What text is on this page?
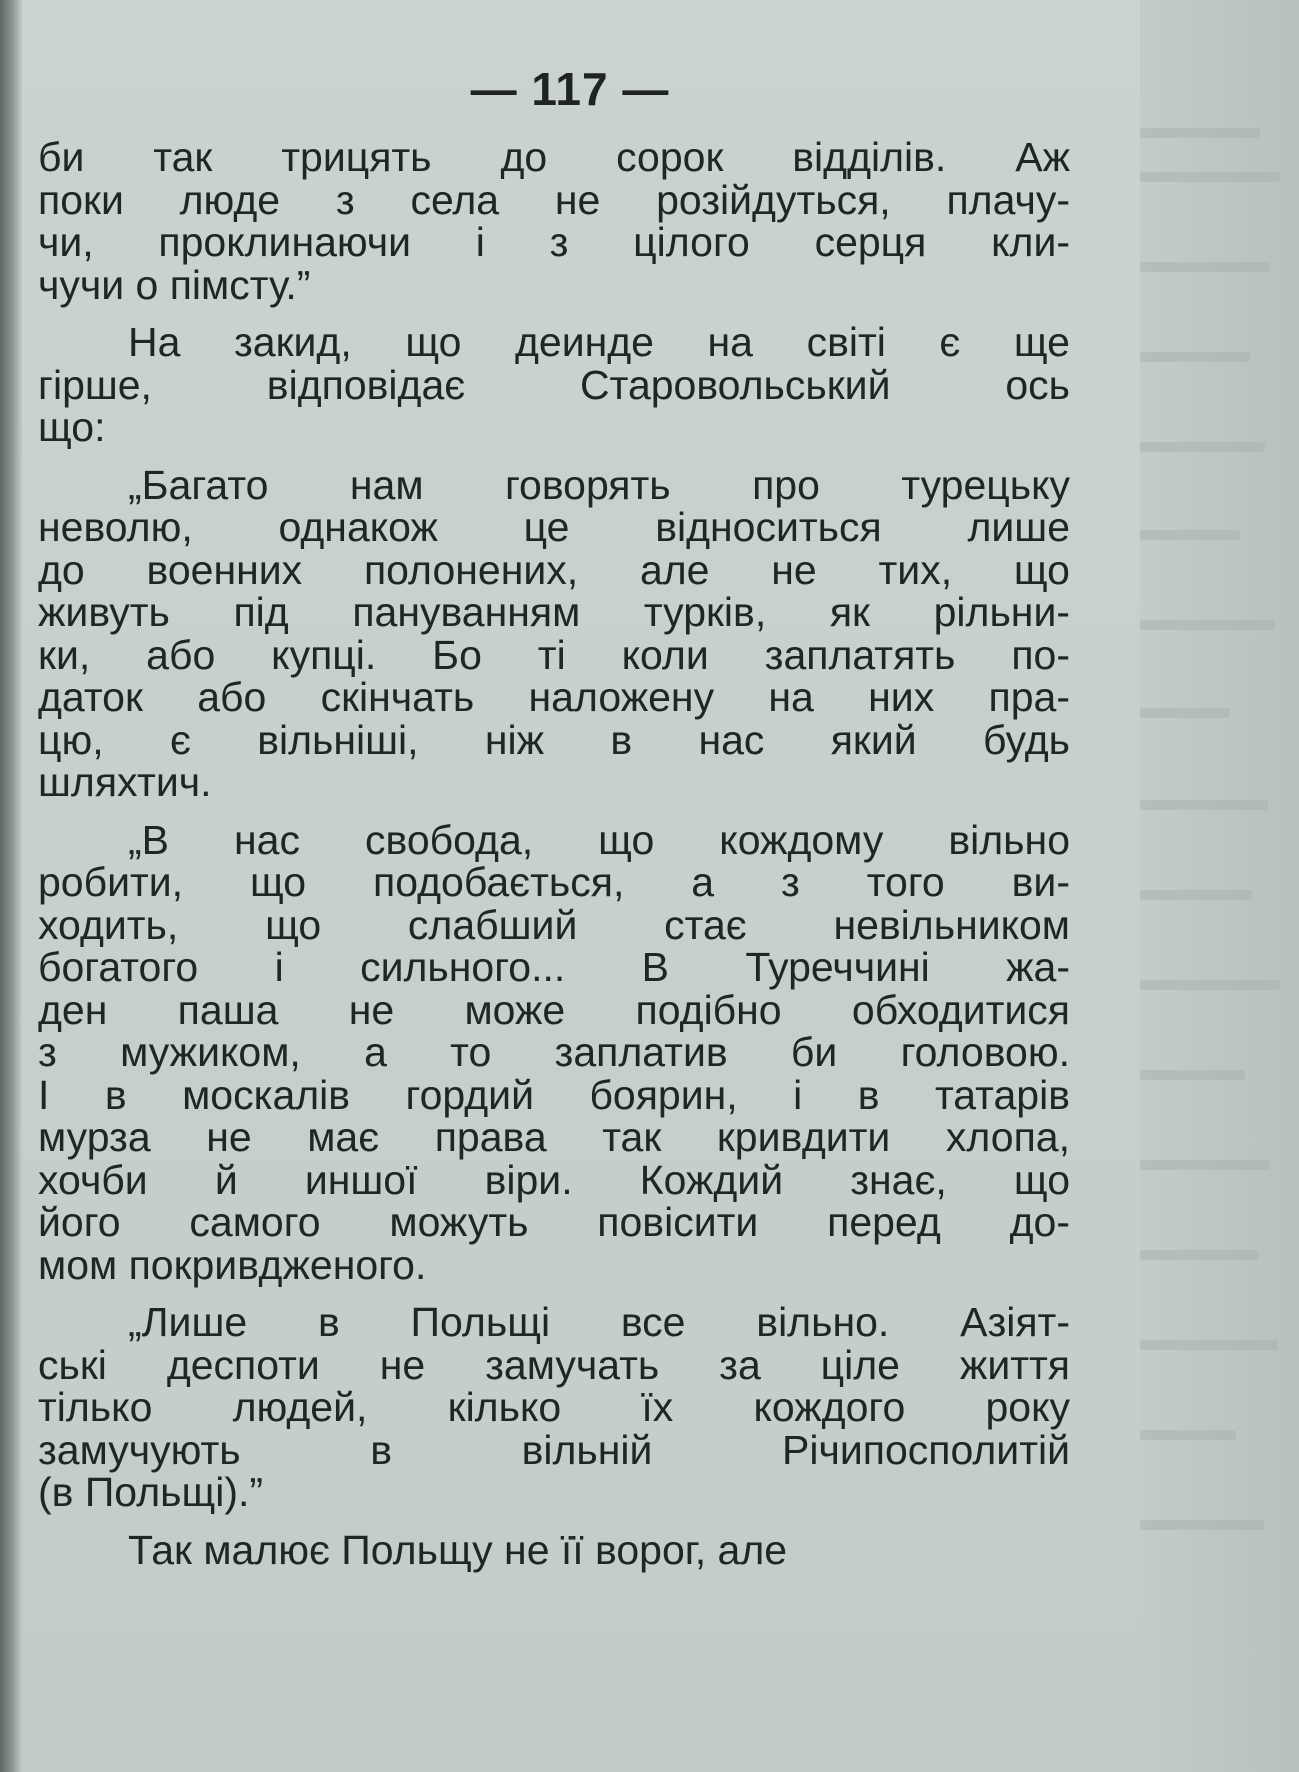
— 117 —

би так трицять до сорок відділів. Аж

поки люде з села не розійдуться, плачу-

чи, проклинаючи і з цілого серця кли-

чучи о пімсту.”

На закид, що деинде на світі є ще

гірше, відповідає Старовольський ось

що:

„Багато нам говорять про турецьку

неволю, однакож це відноситься лише

до военних полонених, але не тих, що

живуть під пануванням турків, як рільни-

ки, або купці. Бо ті коли заплатять по-

даток або скінчать наложену на них пра-

цю, є вільніші, ніж в нас який будь

шляхтич.

„В нас свобода, що кождому вільно

робити, що подобається, а з того ви-

ходить, що слабший стає невільником

богатого і сильного... В Туреччині жа-

ден паша не може подібно обходитися

з мужиком, а то заплатив би головою.

І в москалів гордий боярин, і в татарів

мурза не має права так кривдити хлопа,

хочби й иншої віри. Кождий знає, що

його самого можуть повісити перед до-

мом покривдженого.

„Лише в Польщі все вільно. Азіят-

ські деспоти не замучать за ціле життя

тілько людей, кілько їх кождого року

замучують в вільній Річипосполитій

(в Польщі).”

Так малює Польщу не її ворог, але
